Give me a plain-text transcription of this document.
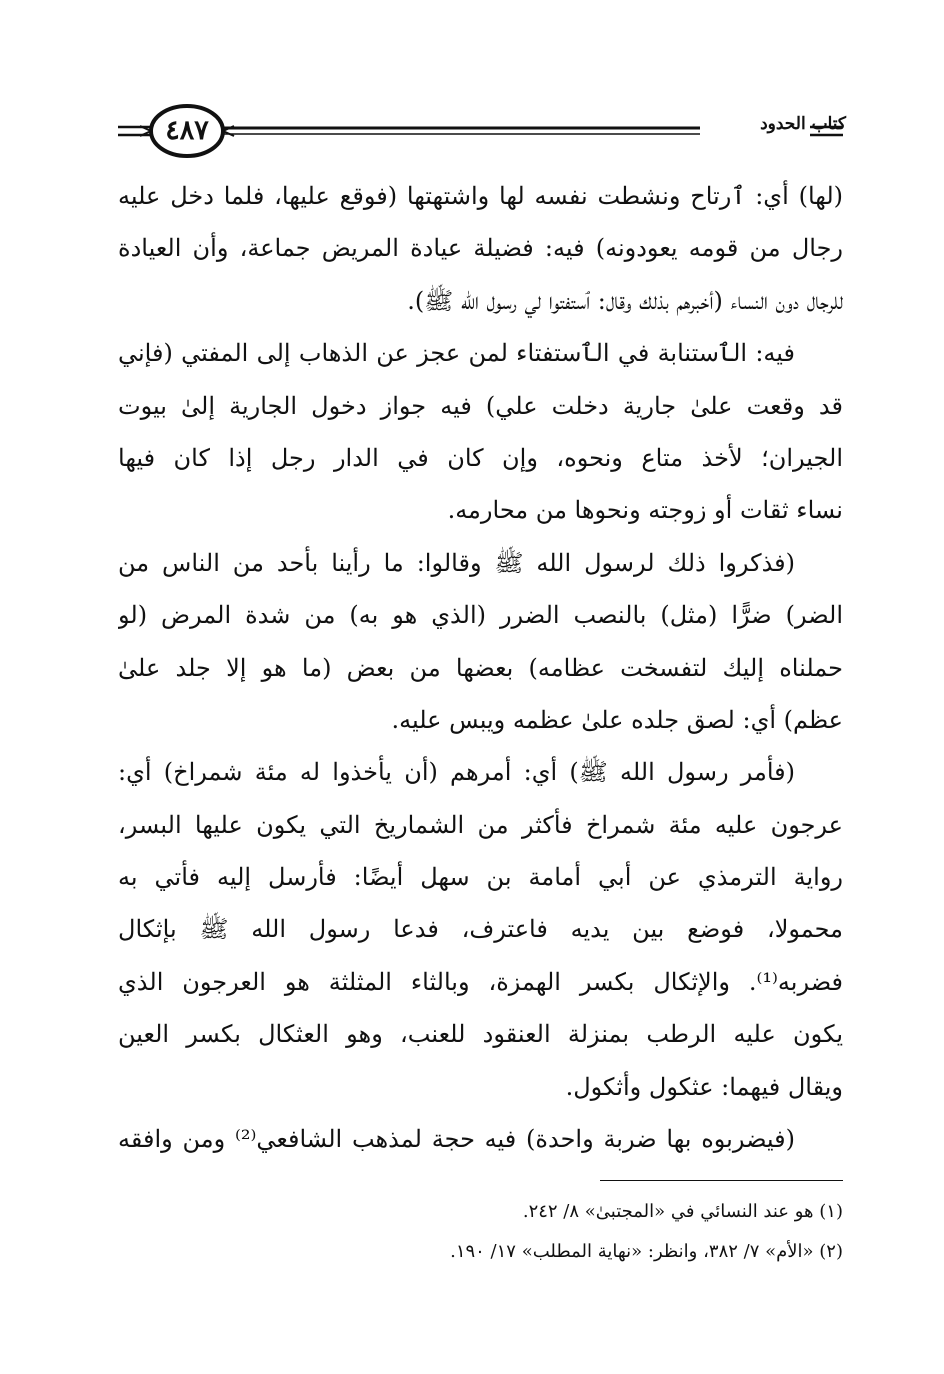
٤٨٧	كتاب الحدود
(لها) أي: ٱرتاح ونشطت نفسه لها واشتهتها (فوقع عليها، فلما دخل عليه
رجال من قومه يعودونه) فيه: فضيلة عيادة المريض جماعة، وأن العيادة
للرجال دون النساء (أخبرهم بذلك وقال: ٱستفتوا لي رسول الله ﷺ).
فيه: الٱستنابة في الٱستفتاء لمن عجز عن الذهاب إلى المفتي (فإني
قد وقعت علىٰ جارية دخلت علي) فيه جواز دخول الجارية إلىٰ بيوت
الجيران؛ لأخذ متاع ونحوه، وإن كان في الدار رجل إذا كان فيها
نساء ثقات أو زوجته ونحوها من محارمه.
(فذكروا ذلك لرسول الله ﷺ وقالوا: ما رأينا بأحد من الناس من
الضر) ضرًّا (مثل) بالنصب الضرر (الذي هو به) من شدة المرض (لو
حملناه إليك لتفسخت عظامه) بعضها من بعض (ما هو إلا جلد علىٰ
عظم) أي: لصق جلده علىٰ عظمه ويبس عليه.
(فأمر رسول الله ﷺ) أي: أمرهم (أن يأخذوا له مئة شمراخ) أي:
عرجون عليه مئة شمراخ فأكثر من الشماريخ التي يكون عليها البسر،
رواية الترمذي عن أبي أمامة بن سهل أيضًا: فأرسل إليه فأتي به
محمولا، فوضع بين يديه فاعترف، فدعا رسول الله ﷺ بإثكال
فضربه⁽¹⁾. والإثكال بكسر الهمزة، وبالثاء المثلثة هو العرجون الذي
يكون عليه الرطب بمنزلة العنقود للعنب، وهو العثكال بكسر العين
ويقال فيهما: عثكول وأثكول.
(فيضربوه بها ضربة واحدة) فيه حجة لمذهب الشافعي⁽²⁾ ومن وافقه
(١) هو عند النسائي في «المجتبىٰ» ٨/ ٢٤٢.
(٢) «الأم» ٧/ ٣٨٢، وانظر: «نهاية المطلب» ١٧/ ١٩٠.
